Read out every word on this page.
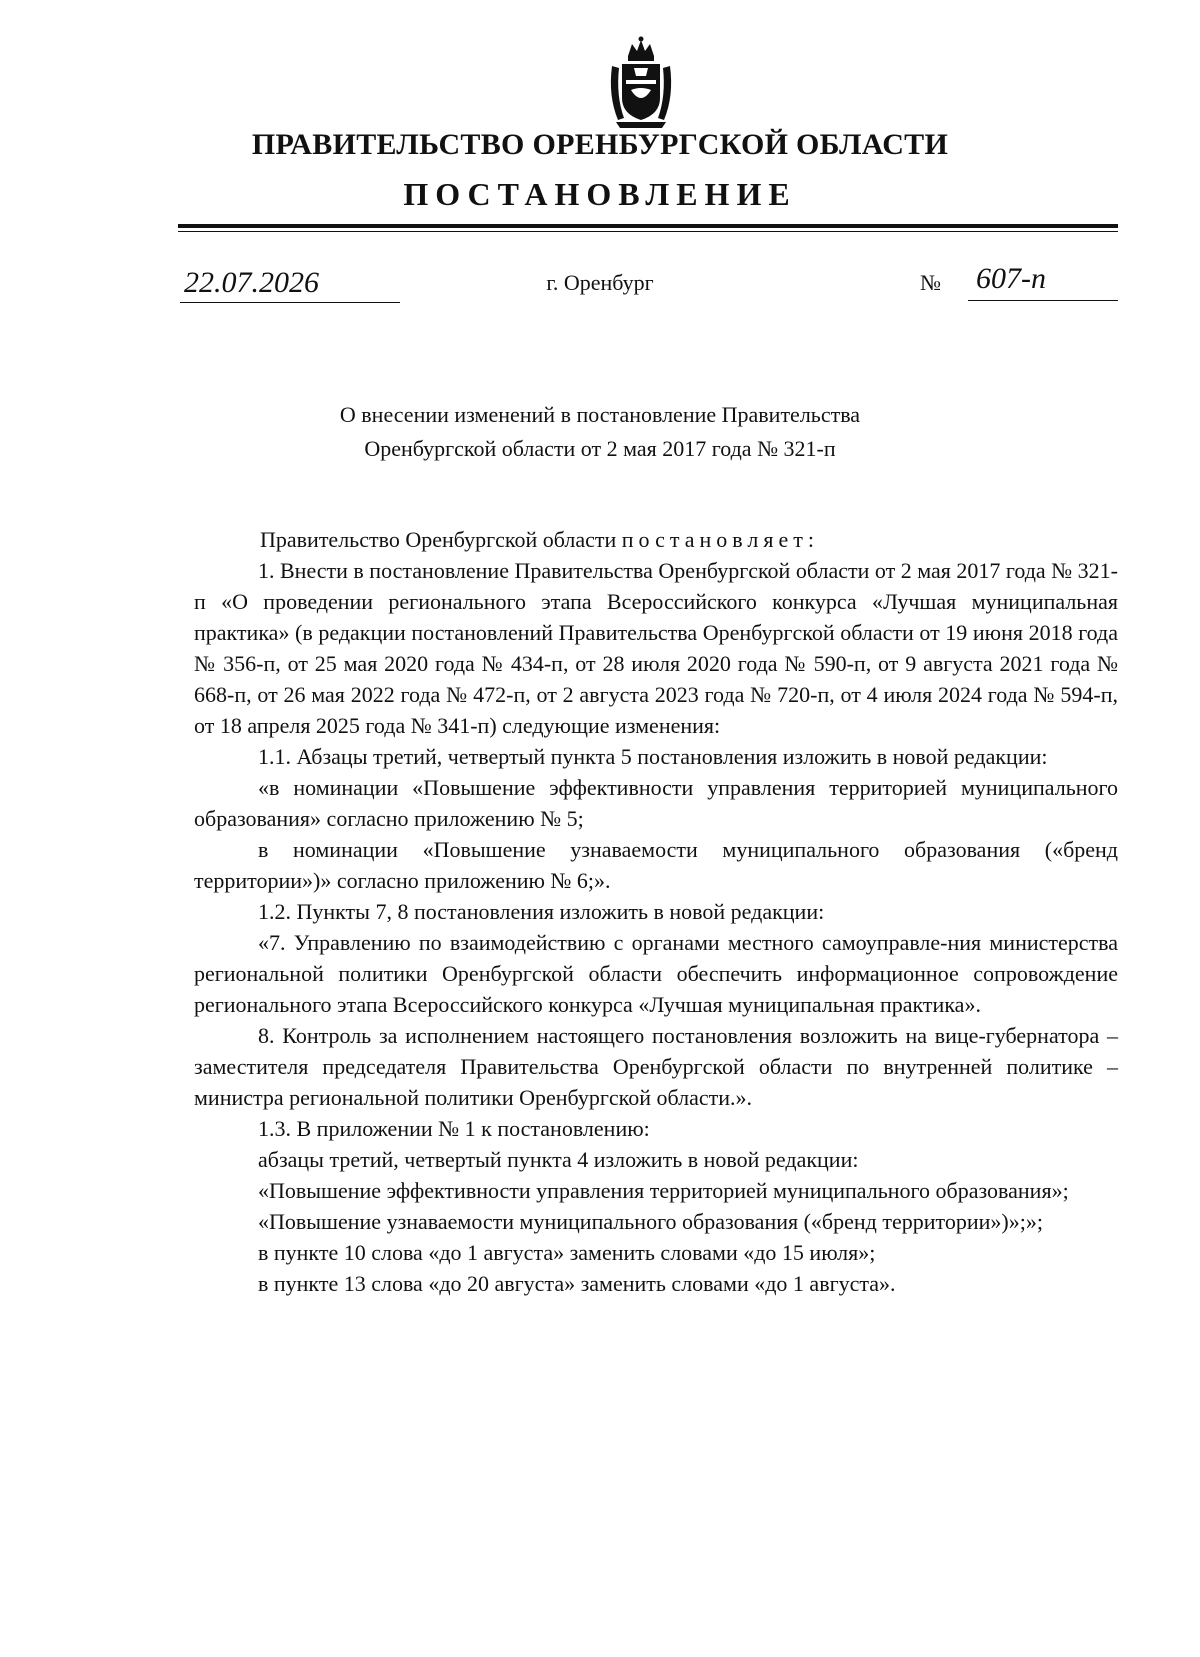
ПРАВИТЕЛЬСТВО ОРЕНБУРГСКОЙ ОБЛАСТИ
ПОСТАНОВЛЕНИЕ
22.07.2026	г. Оренбург	№ 607-п
О внесении изменений в постановление Правительства
Оренбургской области от 2 мая 2017 года № 321-п

Правительство Оренбургской области постановляет:

1. Внести в постановление Правительства Оренбургской области от 2 мая 2017 года № 321-п «О проведении регионального этапа Всероссийского конкурса «Лучшая муниципальная практика» (в редакции постановлений Правительства Оренбургской области от 19 июня 2018 года № 356-п, от 25 мая 2020 года № 434-п, от 28 июля 2020 года № 590-п, от 9 августа 2021 года № 668-п, от 26 мая 2022 года № 472-п, от 2 августа 2023 года № 720-п, от 4 июля 2024 года № 594-п, от 18 апреля 2025 года № 341-п) следующие изменения:

1.1. Абзацы третий, четвертый пункта 5 постановления изложить в новой редакции:

«в номинации «Повышение эффективности управления территорией муниципального образования» согласно приложению № 5;

в номинации «Повышение узнаваемости муниципального образования («бренд территории»)» согласно приложению № 6;».

1.2. Пункты 7, 8 постановления изложить в новой редакции:

«7. Управлению по взаимодействию с органами местного самоуправле-ния министерства региональной политики Оренбургской области обеспечить информационное сопровождение регионального этапа Всероссийского конкурса «Лучшая муниципальная практика».

8. Контроль за исполнением настоящего постановления возложить на вице-губернатора – заместителя председателя Правительства Оренбургской области по внутренней политике – министра региональной политики Оренбургской области.».

1.3. В приложении № 1 к постановлению:

абзацы третий, четвертый пункта 4 изложить в новой редакции:

«Повышение эффективности управления территорией муниципального образования»;

«Повышение узнаваемости муниципального образования («бренд территории»)»;»;

в пункте 10 слова «до 1 августа» заменить словами «до 15 июля»;

в пункте 13 слова «до 20 августа» заменить словами «до 1 августа».
